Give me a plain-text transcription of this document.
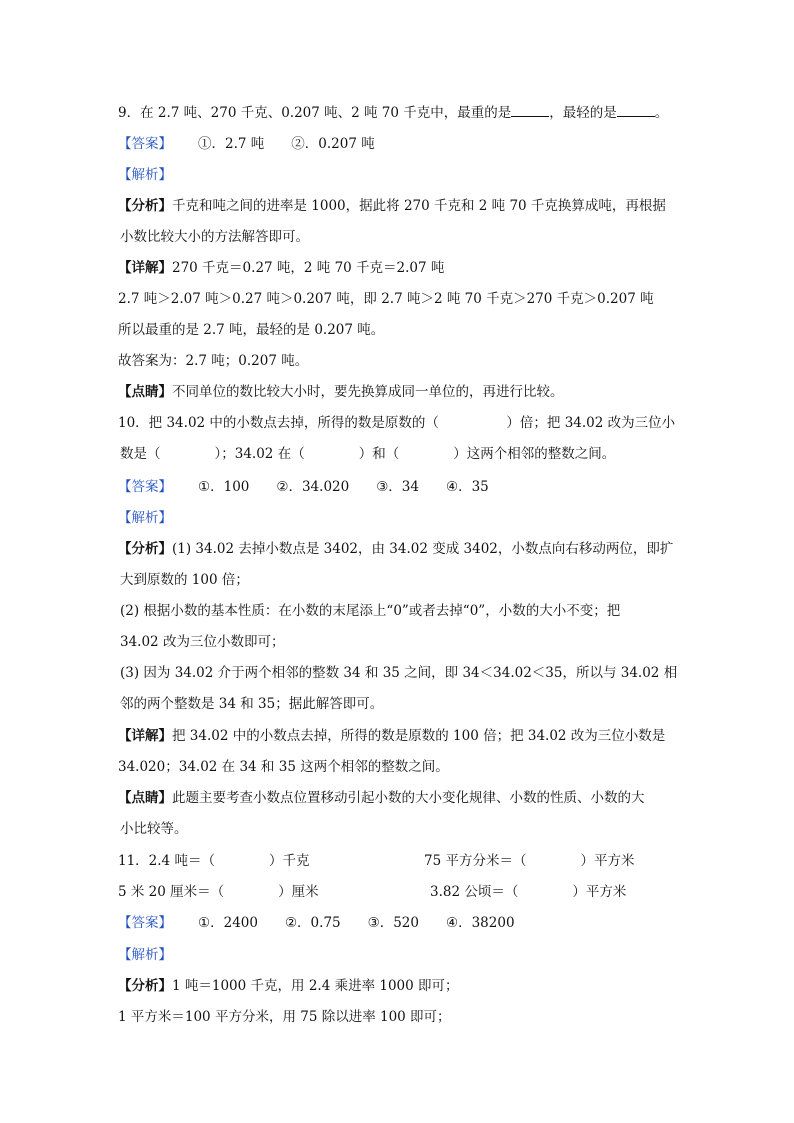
9．在 2.7 吨、270 千克、0.207 吨、2 吨 70 千克中，最重的是	，最轻的是	。
【答案】 ①．2.7 吨　　②．0.207 吨
【解析】
【分析】千克和吨之间的进率是 1000，据此将 270 千克和 2 吨 70 千克换算成吨，再根据
小数比较大小的方法解答即可。
【详解】270 千克＝0.27 吨，2 吨 70 千克＝2.07 吨
2.7 吨＞2.07 吨＞0.27 吨＞0.207 吨，即 2.7 吨＞2 吨 70 千克＞270 千克＞0.207 吨
所以最重的是 2.7 吨，最轻的是 0.207 吨。
故答案为：2.7 吨；0.207 吨。
【点睛】不同单位的数比较大小时，要先换算成同一单位的，再进行比较。
10．把 34.02 中的小数点去掉，所得的数是原数的（　　　　　）倍；把 34.02 改为三位小
数是（　　　　）；34.02 在（　　　　）和（　　　　）这两个相邻的整数之间。
【答案】 ①．100　　②．34.020　　③．34　　④．35
【解析】
【分析】(1) 34.02 去掉小数点是 3402，由 34.02 变成 3402，小数点向右移动两位，即扩
大到原数的 100 倍；
(2) 根据小数的基本性质：在小数的末尾添上“0”或者去掉“0”，小数的大小不变；把
34.02 改为三位小数即可；
(3) 因为 34.02 介于两个相邻的整数 34 和 35 之间，即 34＜34.02＜35，所以与 34.02 相
邻的两个整数是 34 和 35；据此解答即可。
【详解】把 34.02 中的小数点去掉，所得的数是原数的 100 倍；把 34.02 改为三位小数是
34.020；34.02 在 34 和 35 这两个相邻的整数之间。
【点睛】此题主要考查小数点位置移动引起小数的大小变化规律、小数的性质、小数的大
小比较等。
11．2.4 吨＝（　　　　）千克	75 平方分米＝（　　　　）平方米
5 米 20 厘米＝（　　　　）厘米	3.82 公顷＝（　　　　）平方米
【答案】 ①．2400　　②．0.75　　③．520　　④．38200
【解析】
【分析】1 吨＝1000 千克，用 2.4 乘进率 1000 即可；
1 平方米＝100 平方分米，用 75 除以进率 100 即可；
